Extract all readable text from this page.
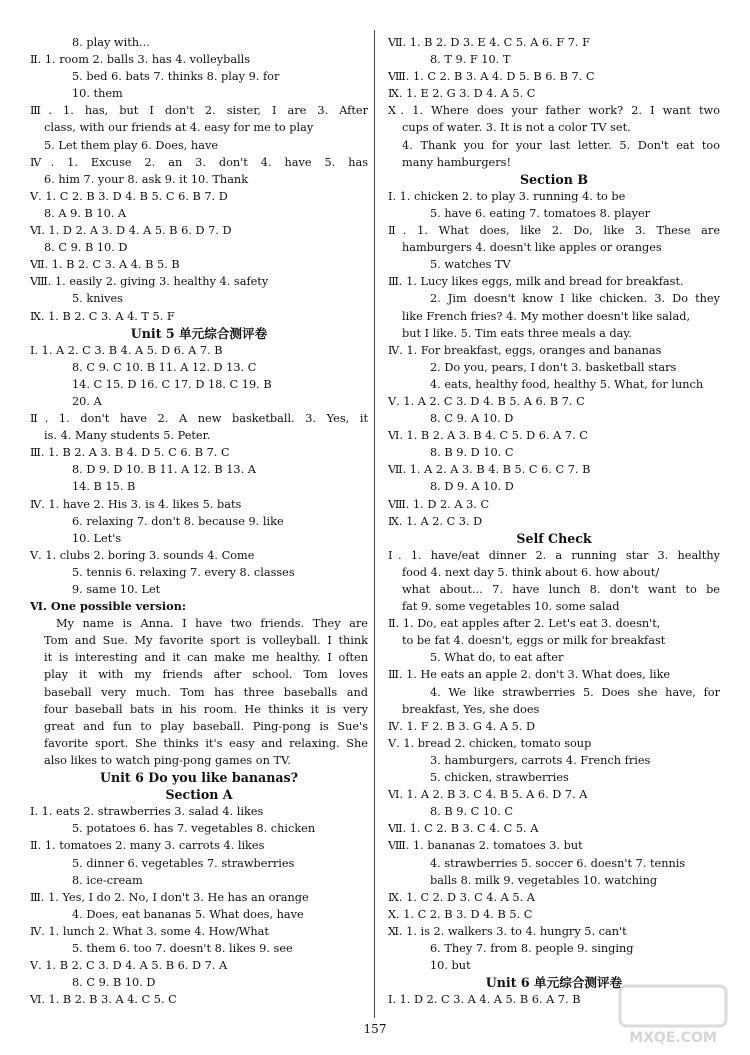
8. play with...
Ⅱ. 1. room 2. balls 3. has 4. volleyballs
5. bed 6. bats 7. thinks 8. play 9. for
10. them
Ⅲ. 1. has, but I don't 2. sister, I are 3. After
class, with our friends at 4. easy for me to play
5. Let them play 6. Does, have
Ⅳ. 1. Excuse 2. an 3. don't 4. have 5. has
6. him 7. your 8. ask 9. it 10. Thank
Ⅴ. 1. C 2. B 3. D 4. B 5. C 6. B 7. D
8. A 9. B 10. A
Ⅵ. 1. D 2. A 3. D 4. A 5. B 6. D 7. D
8. C 9. B 10. D
Ⅶ. 1. B 2. C 3. A 4. B 5. B
Ⅷ. 1. easily 2. giving 3. healthy 4. safety
5. knives
Ⅸ. 1. B 2. C 3. A 4. T 5. F
Unit 5 单元综合测评卷
Ⅰ. 1. A 2. C 3. B 4. A 5. D 6. A 7. B
8. C 9. C 10. B 11. A 12. D 13. C
14. C 15. D 16. C 17. D 18. C 19. B
20. A
Ⅱ. 1. don't have 2. A new basketball. 3. Yes, it
is. 4. Many students 5. Peter.
Ⅲ. 1. B 2. A 3. B 4. D 5. C 6. B 7. C
8. D 9. D 10. B 11. A 12. B 13. A
14. B 15. B
Ⅳ. 1. have 2. His 3. is 4. likes 5. bats
6. relaxing 7. don't 8. because 9. like
10. Let's
Ⅴ. 1. clubs 2. boring 3. sounds 4. Come
5. tennis 6. relaxing 7. every 8. classes
9. same 10. Let
Ⅵ. One possible version:
My name is Anna. I have two friends. They are
Tom and Sue. My favorite sport is volleyball. I think
it is interesting and it can make me healthy. I often
play it with my friends after school. Tom loves
baseball very much. Tom has three baseballs and
four baseball bats in his room. He thinks it is very
great and fun to play baseball. Ping-pong is Sue's
favorite sport. She thinks it's easy and relaxing. She
also likes to watch ping-pong games on TV.
Unit 6 Do you like bananas?
Section A
Ⅰ. 1. eats 2. strawberries 3. salad 4. likes
5. potatoes 6. has 7. vegetables 8. chicken
Ⅱ. 1. tomatoes 2. many 3. carrots 4. likes
5. dinner 6. vegetables 7. strawberries
8. ice-cream
Ⅲ. 1. Yes, I do 2. No, I don't 3. He has an orange
4. Does, eat bananas 5. What does, have
Ⅳ. 1. lunch 2. What 3. some 4. How/What
5. them 6. too 7. doesn't 8. likes 9. see
Ⅴ. 1. B 2. C 3. D 4. A 5. B 6. D 7. A
8. C 9. B 10. D
Ⅵ. 1. B 2. B 3. A 4. C 5. C
Ⅶ. 1. B 2. D 3. E 4. C 5. A 6. F 7. F
8. T 9. F 10. T
Ⅷ. 1. C 2. B 3. A 4. D 5. B 6. B 7. C
Ⅸ. 1. E 2. G 3. D 4. A 5. C
Ⅹ. 1. Where does your father work? 2. I want two
cups of water. 3. It is not a color TV set.
4. Thank you for your last letter. 5. Don't eat too
many hamburgers!
Section B
Ⅰ. 1. chicken 2. to play 3. running 4. to be
5. have 6. eating 7. tomatoes 8. player
Ⅱ. 1. What does, like 2. Do, like 3. These are
hamburgers 4. doesn't like apples or oranges
5. watches TV
Ⅲ. 1. Lucy likes eggs, milk and bread for breakfast.
2. Jim doesn't know I like chicken. 3. Do they
like French fries? 4. My mother doesn't like salad,
but I like. 5. Tim eats three meals a day.
Ⅳ. 1. For breakfast, eggs, oranges and bananas
2. Do you, pears, I don't 3. basketball stars
4. eats, healthy food, healthy 5. What, for lunch
Ⅴ. 1. A 2. C 3. D 4. B 5. A 6. B 7. C
8. C 9. A 10. D
Ⅵ. 1. B 2. A 3. B 4. C 5. D 6. A 7. C
8. B 9. D 10. C
Ⅶ. 1. A 2. A 3. B 4. B 5. C 6. C 7. B
8. D 9. A 10. D
Ⅷ. 1. D 2. A 3. C
Ⅸ. 1. A 2. C 3. D
Self Check
Ⅰ. 1. have/eat dinner 2. a running star 3. healthy
food 4. next day 5. think about 6. how about/
what about... 7. have lunch 8. don't want to be
fat 9. some vegetables 10. some salad
Ⅱ. 1. Do, eat apples after 2. Let's eat 3. doesn't,
to be fat 4. doesn't, eggs or milk for breakfast
5. What do, to eat after
Ⅲ. 1. He eats an apple 2. don't 3. What does, like
4. We like strawberries 5. Does she have, for
breakfast, Yes, she does
Ⅳ. 1. F 2. B 3. G 4. A 5. D
Ⅴ. 1. bread 2. chicken, tomato soup
3. hamburgers, carrots 4. French fries
5. chicken, strawberries
Ⅵ. 1. A 2. B 3. C 4. B 5. A 6. D 7. A
8. B 9. C 10. C
Ⅶ. 1. C 2. B 3. C 4. C 5. A
Ⅷ. 1. bananas 2. tomatoes 3. but
4. strawberries 5. soccer 6. doesn't 7. tennis
balls 8. milk 9. vegetables 10. watching
Ⅸ. 1. C 2. D 3. C 4. A 5. A
Ⅹ. 1. C 2. B 3. D 4. B 5. C
Ⅺ. 1. is 2. walkers 3. to 4. hungry 5. can't
6. They 7. from 8. people 9. singing
10. but
Unit 6 单元综合测评卷
Ⅰ. 1. D 2. C 3. A 4. A 5. B 6. A 7. B
157
MXQE.COM
